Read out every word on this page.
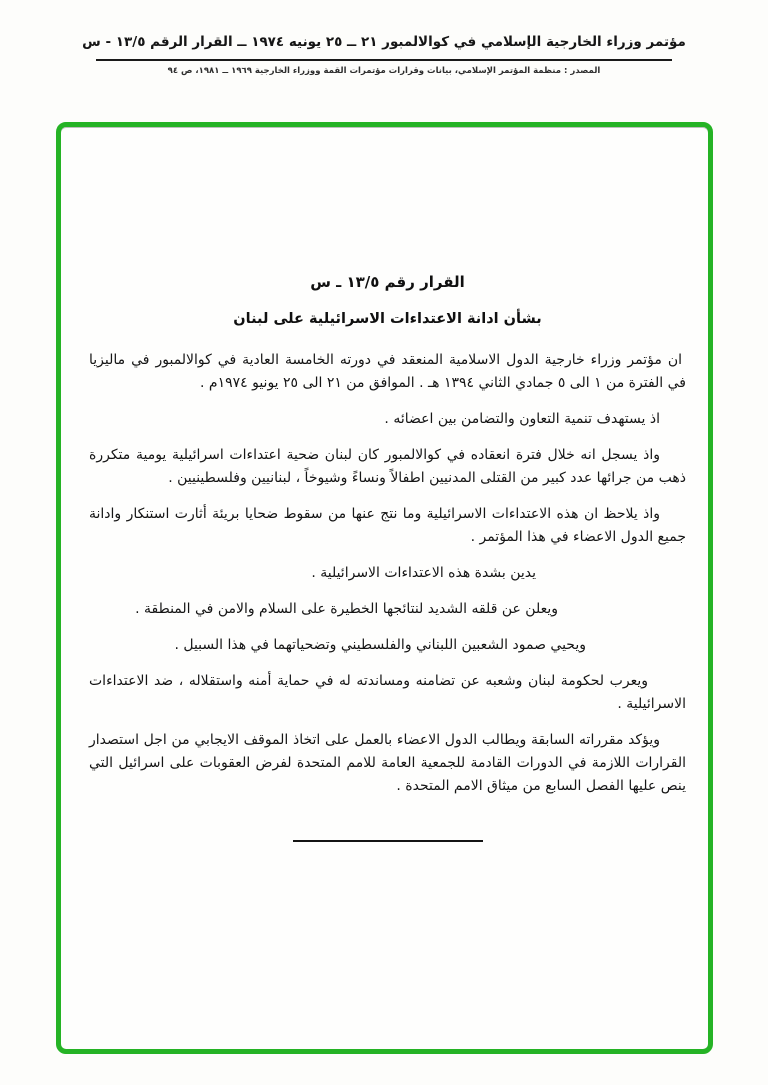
مؤتمر وزراء الخارجية الإسلامي في كوالالمبور ٢١ ــ ٢٥ يونيه ١٩٧٤ ــ القرار الرقم ١٣/٥ - س
المصدر : منظمة المؤتمر الإسلامي، بيانات وقرارات مؤتمرات القمة ووزراء الخارجية ١٩٦٩ ــ ١٩٨١، ص ٩٤
القرار رقم ١٣/٥ ـ س
بشأن ادانة الاعتداءات الاسرائيلية على لبنان

ان مؤتمر وزراء خارجية الدول الاسلامية المنعقد في دورته الخامسة العادية في كوالالمبور في ماليزيا في الفترة من ١ الى ٥ جمادي الثاني ١٣٩٤ هـ . الموافق من ٢١ الى ٢٥ يونيو ١٩٧٤م .

اذ يستهدف تنمية التعاون والتضامن بين اعضائه .

واذ يسجل انه خلال فترة انعقاده في كوالالمبور كان لبنان ضحية اعتداءات اسرائيلية يومية متكررة ذهب من جرائها عدد كبير من القتلى المدنيين اطفالاً ونساءً وشيوخاً ، لبنانيين وفلسطينيين .

واذ يلاحظ ان هذه الاعتداءات الاسرائيلية وما نتج عنها من سقوط ضحايا بريئة أثارت استنكار وادانة جميع الدول الاعضاء في هذا المؤتمر .

يدين بشدة هذه الاعتداءات الاسرائيلية .

ويعلن عن قلقه الشديد لنتائجها الخطيرة على السلام والامن في المنطقة .

ويحيي صمود الشعبين اللبناني والفلسطيني وتضحياتهما في هذا السبيل .

ويعرب لحكومة لبنان وشعبه عن تضامنه ومساندته له في حماية أمنه واستقلاله ، ضد الاعتداءات الاسرائيلية .

ويؤكد مقرراته السابقة ويطالب الدول الاعضاء بالعمل على اتخاذ الموقف الايجابي من اجل استصدار القرارات اللازمة في الدورات القادمة للجمعية العامة للامم المتحدة لفرض العقوبات على اسرائيل التي ينص عليها الفصل السابع من ميثاق الامم المتحدة .
